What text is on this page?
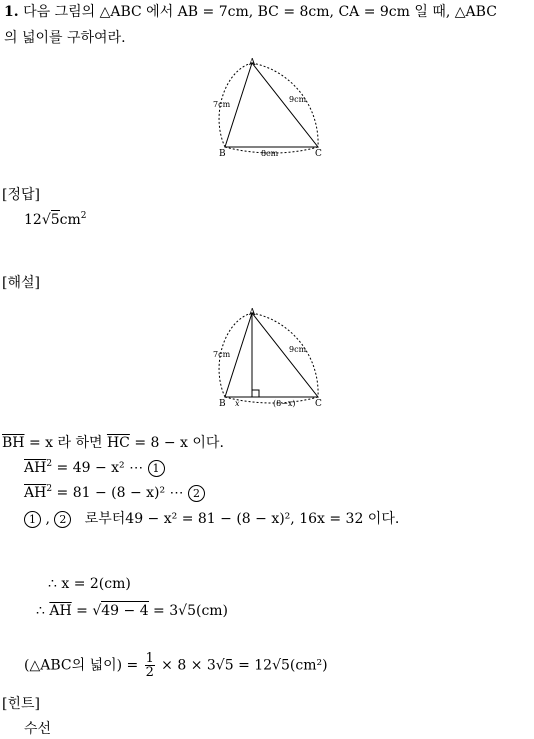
1. 다음 그림의 △ABC 에서 AB = 7cm, BC = 8cm, CA = 9cm 일 때, △ABC
의 넓이를 구하여라.
A
B	C
7cm
9cm
8cm
[정답]
$12√5cm^2$
[해설]
A
B	C
7cm
9cm
x	(8−x)
$\overline{BH} = x$ 라 하면 $\overline{HC} = 8 - x$ 이다.
$\overline{AH}^2 = 49 - x^2$ ⋯ 1
$\overline{AH}^2 = 81 - (8 - x)^2$ ⋯ 2
1 , 2 로부터49 − x² = 81 − (8 − x)², 16x = 32 이다.
∴ x = 2(cm)
∴ $\overline{AH} = √49 - 4 = 3√5(cm)$
(△ABC의 넓이) = $\frac{1}{2} \times 8 \times 3√5 = 12√5(cm^2)$
[힌트]
수선
